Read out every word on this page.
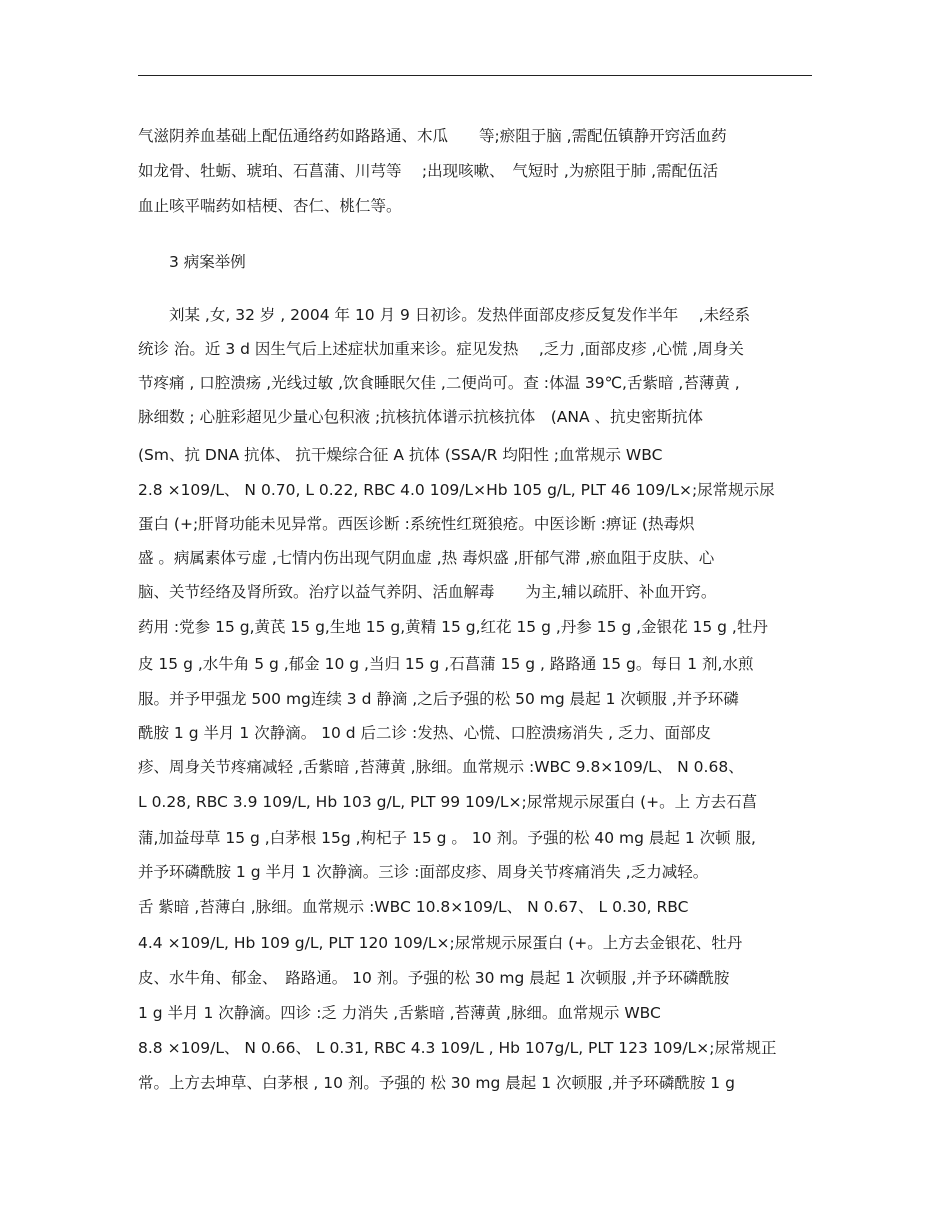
气滋阴养血基础上配伍通络药如路路通、木瓜　　等;瘀阻于脑 ,需配伍镇静开窍活血药
如龙骨、牡蛎、琥珀、石菖蒲、川芎等　 ;出现咳嗽、　气短时 ,为瘀阻于肺 ,需配伍活
血止咳平喘药如桔梗、杏仁、桃仁等。
　　3 病案举例
　　刘某 ,女, 32 岁 , 2004 年 10 月 9 日初诊。发热伴面部皮疹反复发作半年　 ,未经系
统诊 治。近 3 d 因生气后上述症状加重来诊。症见发热　 ,乏力 ,面部皮疹 ,心慌 ,周身关
节疼痛 , 口腔溃疡 ,光线过敏 ,饮食睡眠欠佳 ,二便尚可。查 :体温 39℃,舌紫暗 ,苔薄黄 ,
脉细数 ; 心脏彩超见少量心包积液 ;抗核抗体谱示抗核抗体　(ANA 、抗史密斯抗体
(Sm、抗 DNA 抗体、 抗干燥综合征 A 抗体 (SSA/R 均阳性 ;血常规示 WBC
2.8 ×109/L、 N 0.70, L 0.22, RBC 4.0 109/L×Hb 105 g/L, PLT 46 109/L×;尿常规示尿
蛋白 (+;肝肾功能未见异常。西医诊断 :系统性红斑狼疮。中医诊断 :痹证 (热毒炽
盛 。病属素体亏虚 ,七情内伤出现气阴血虚 ,热 毒炽盛 ,肝郁气滞 ,瘀血阻于皮肤、心
脑、关节经络及肾所致。治疗以益气养阴、活血解毒　　为主,辅以疏肝、补血开窍。
药用 :党参 15 g,黄芪 15 g,生地 15 g,黄精 15 g,红花 15 g ,丹参 15 g ,金银花 15 g ,牡丹
皮 15 g ,水牛角 5 g ,郁金 10 g ,当归 15 g ,石菖蒲 15 g , 路路通 15 g。每日 1 剂,水煎
服。并予甲强龙 500 mg连续 3 d 静滴 ,之后予强的松 50 mg 晨起 1 次顿服 ,并予环磷
酰胺 1 g 半月 1 次静滴。 10 d 后二诊 :发热、心慌、口腔溃疡消失 , 乏力、面部皮
疹、周身关节疼痛减轻 ,舌紫暗 ,苔薄黄 ,脉细。血常规示 :WBC 9.8×109/L、 N 0.68、
L 0.28, RBC 3.9 109/L, Hb 103 g/L, PLT 99 109/L×;尿常规示尿蛋白 (+。上 方去石菖
蒲,加益母草 15 g ,白茅根 15g ,枸杞子 15 g 。 10 剂。予强的松 40 mg 晨起 1 次顿 服,
并予环磷酰胺 1 g 半月 1 次静滴。三诊 :面部皮疹、周身关节疼痛消失 ,乏力减轻。
舌 紫暗 ,苔薄白 ,脉细。血常规示 :WBC 10.8×109/L、 N 0.67、 L 0.30, RBC
4.4 ×109/L, Hb 109 g/L, PLT 120 109/L×;尿常规示尿蛋白 (+。上方去金银花、牡丹
皮、水牛角、郁金、　路路通。 10 剂。予强的松 30 mg 晨起 1 次顿服 ,并予环磷酰胺
1 g 半月 1 次静滴。四诊 :乏 力消失 ,舌紫暗 ,苔薄黄 ,脉细。血常规示 WBC
8.8 ×109/L、 N 0.66、 L 0.31, RBC 4.3 109/L , Hb 107g/L, PLT 123 109/L×;尿常规正
常。上方去坤草、白茅根 , 10 剂。予强的 松 30 mg 晨起 1 次顿服 ,并予环磷酰胺 1 g
